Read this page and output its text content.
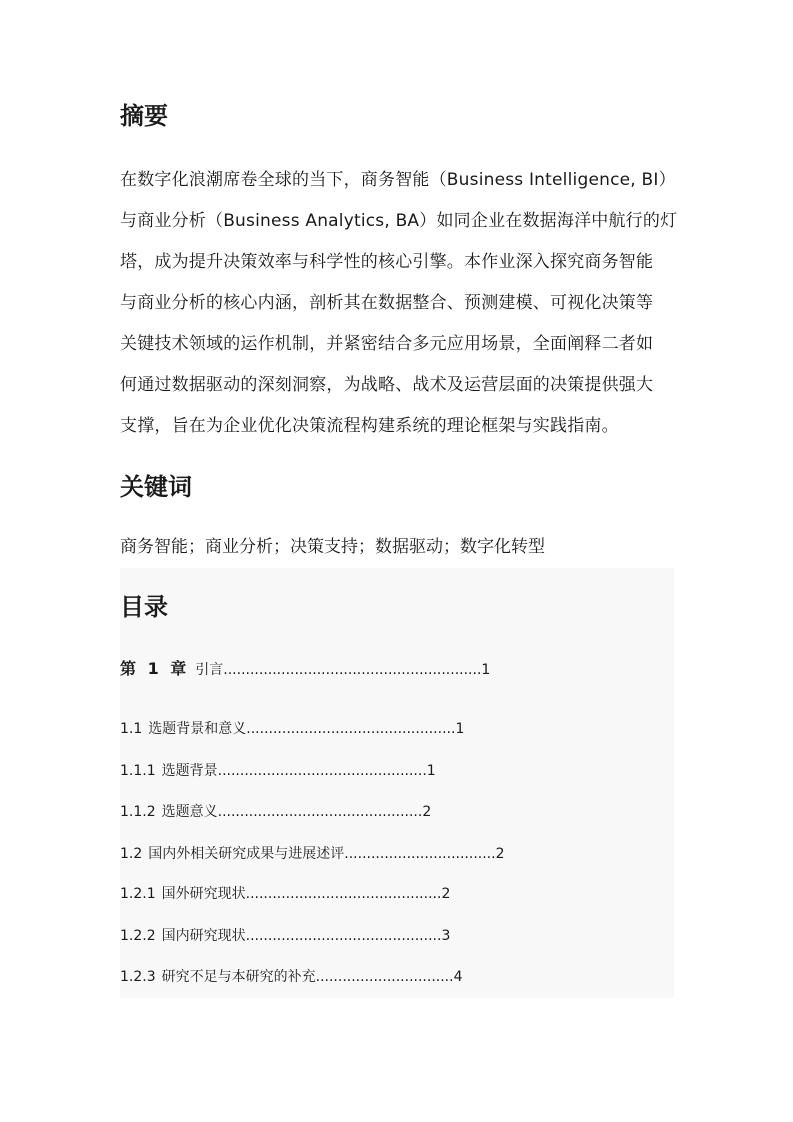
摘要

在数字化浪潮席卷全球的当下，商务智能（Business Intelligence, BI）
与商业分析（Business Analytics, BA）如同企业在数据海洋中航行的灯
塔，成为提升决策效率与科学性的核心引擎。本作业深入探究商务智能
与商业分析的核心内涵，剖析其在数据整合、预测建模、可视化决策等
关键技术领域的运作机制，并紧密结合多元应用场景，全面阐释二者如
何通过数据驱动的深刻洞察，为战略、战术及运营层面的决策提供强大
支撑，旨在为企业优化决策流程构建系统的理论框架与实践指南。

关键词

商务智能；商业分析；决策支持；数据驱动；数字化转型

目录
第 1 章 引言..........................................................1
1.1 选题背景和意义...............................................1
1.1.1 选题背景...............................................1
1.1.2 选题意义..............................................2
1.2 国内外相关研究成果与进展述评..................................2
1.2.1 国外研究现状............................................2
1.2.2 国内研究现状............................................3
1.2.3 研究不足与本研究的补充...............................4
